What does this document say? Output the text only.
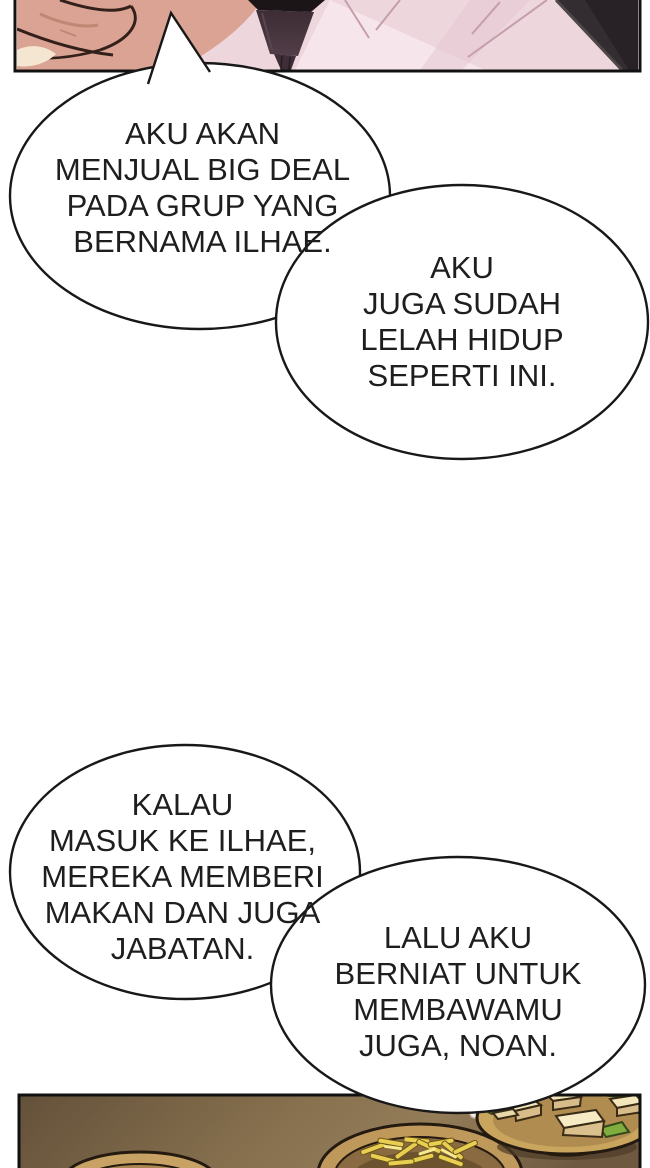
AKU AKAN
MENJUAL BIG DEAL
PADA GRUP YANG
BERNAMA ILHAE.
AKU
JUGA SUDAH
LELAH HIDUP
SEPERTI INI.
KALAU
MASUK KE ILHAE,
MEREKA MEMBERI
MAKAN DAN JUGA
JABATAN.	LALU AKU
BERNIAT UNTUK
MEMBAWAMU
JUGA, NOAN.
